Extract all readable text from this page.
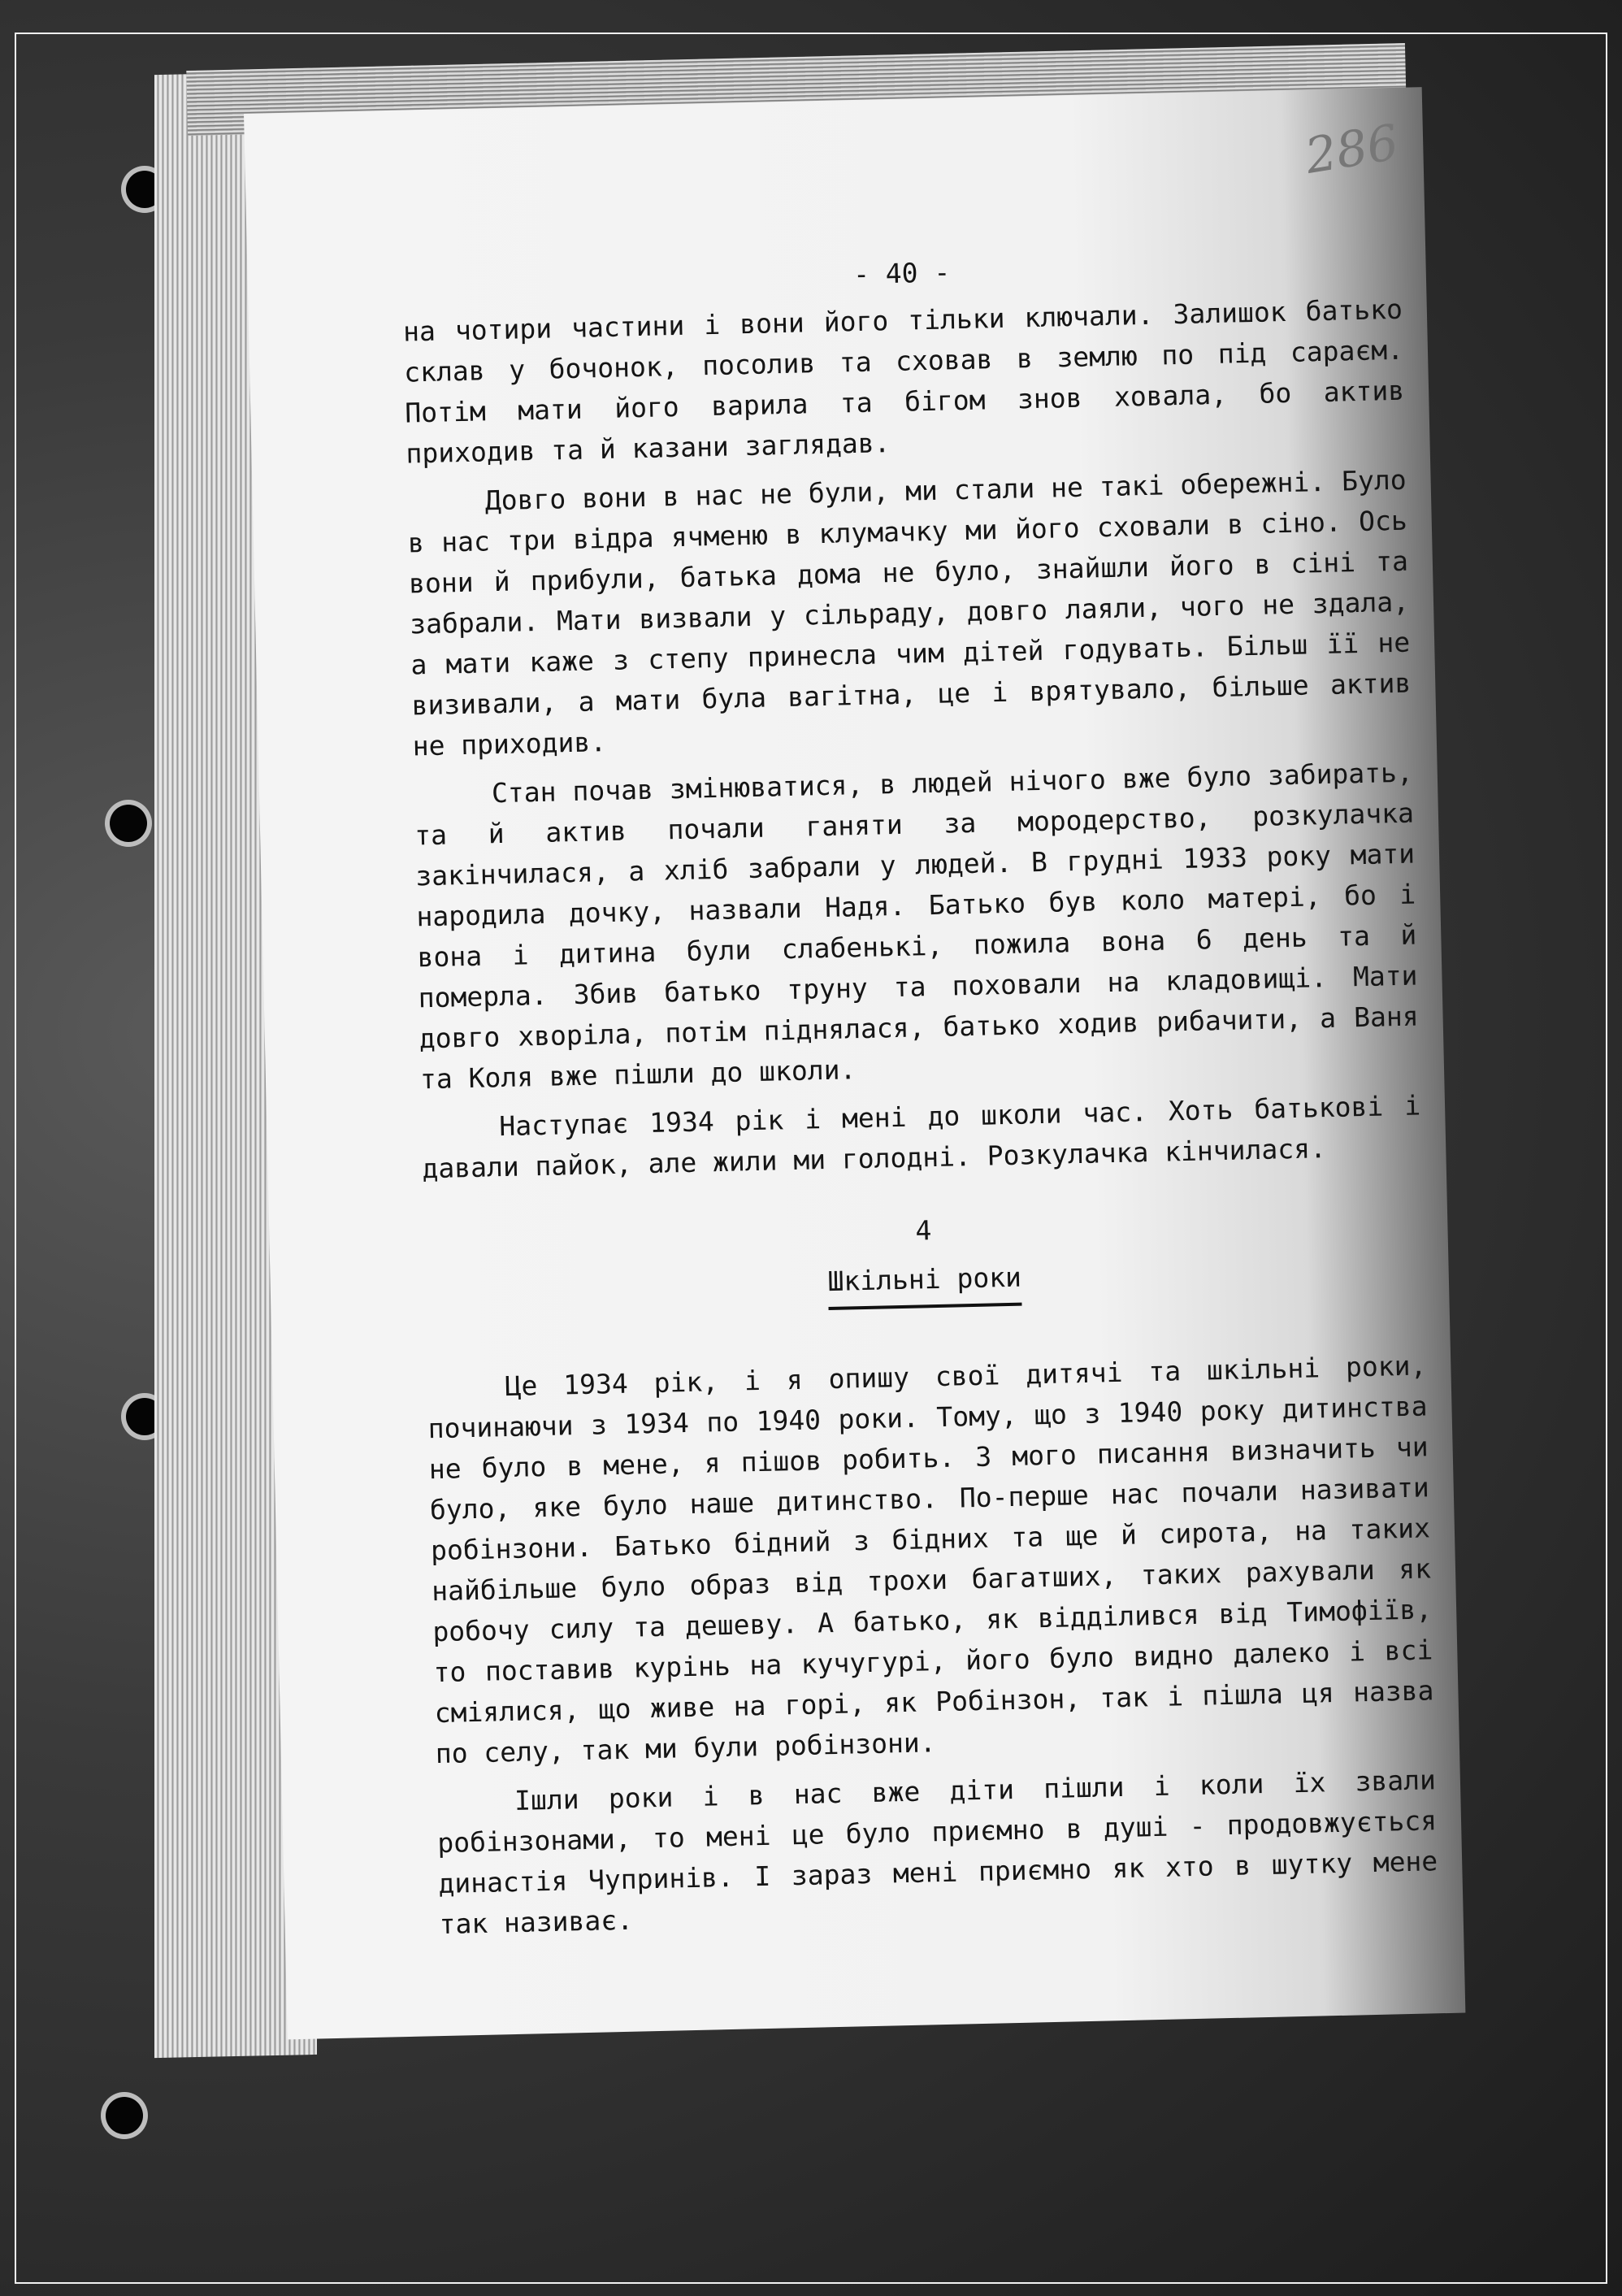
286
- 40 -

на чотири частини і вони його тільки ключали. Залишок батько склав у бочонок, посолив та сховав в землю по під сараєм. Потім мати його варила та бігом знов ховала, бо актив приходив та й казани заглядав.

Довго вони в нас не були, ми стали не такі обережні. Було в нас три відра ячменю в клумачку ми його сховали в сіно. Ось вони й прибули, батька дома не було, знайшли його в сіні та забрали. Мати визвали у сільраду, довго лаяли, чого не здала, а мати каже з степу принесла чим дітей годувать. Більш її не визивали, а мати була вагітна, це і врятувало, більше актив не приходив.

Стан почав змінюватися, в людей нічого вже було забирать, та й актив почали ганяти за мородерство, розкулачка закінчилася, а хліб забрали у людей. В грудні 1933 року мати народила дочку, назвали Надя. Батько був коло матері, бо і вона і дитина були слабенькі, пожила вона 6 день та й померла. Збив батько труну та поховали на кладовищі. Мати довго хворіла, потім піднялася, батько ходив рибачити, а Ваня та Коля вже пішли до школи.

Наступає 1934 рік і мені до школи час. Хоть батькові і давали пайок, але жили ми голодні. Розкулачка кінчилася.

4
Шкільні роки

Це 1934 рік, і я опишу свої дитячі та шкільні роки, починаючи з 1934 по 1940 роки. Тому, що з 1940 року дитинства не було в мене, я пішов робить. З мого писання визначить чи було, яке було наше дитинство. По-перше нас почали називати робінзони. Батько бідний з бідних та ще й сирота, на таких найбільше було образ від трохи багатших, таких рахували як робочу силу та дешеву. А батько, як відділився від Тимофіїв, то поставив курінь на кучугурі, його було видно далеко і всі сміялися, що живе на горі, як Робінзон, так і пішла ця назва по селу, так ми були робінзони.

Ішли роки і в нас вже діти пішли і коли їх звали робінзонами, то мені це було приємно в душі - продовжується династія Чупринів. І зараз мені приємно як хто в шутку мене так називає.
